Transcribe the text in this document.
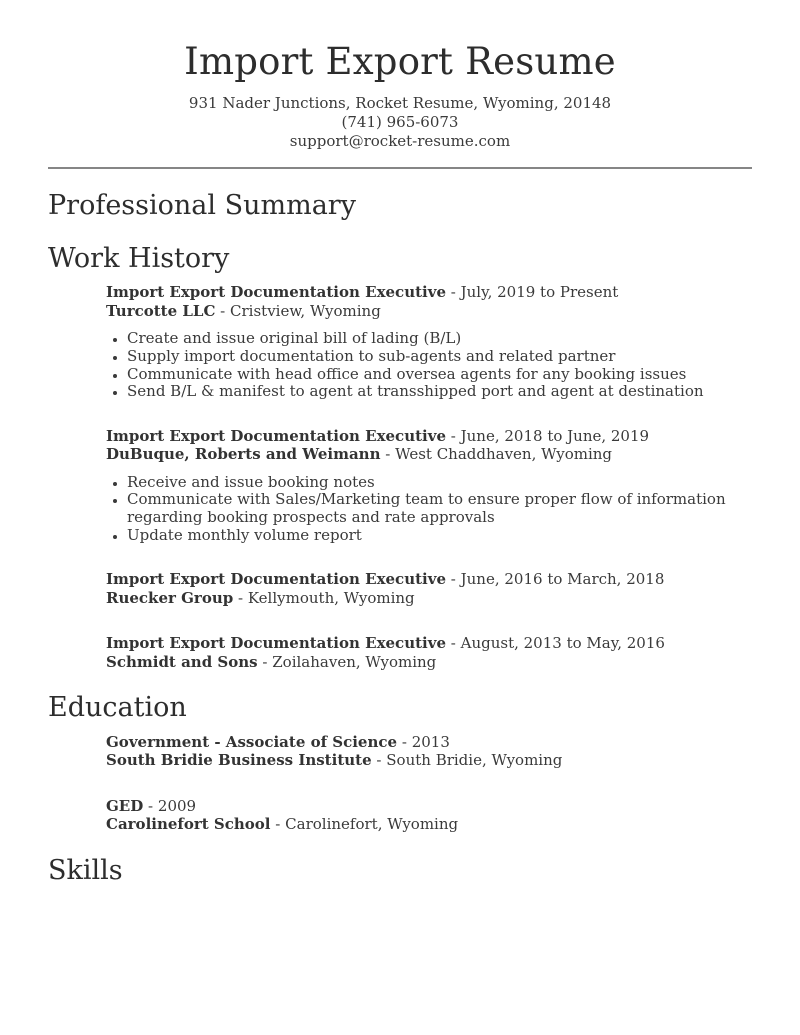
Import Export Resume
931 Nader Junctions, Rocket Resume, Wyoming, 20148
(741) 965-6073
support@rocket-resume.com
Professional Summary
Work History
Import Export Documentation Executive - July, 2019 to Present
Turcotte LLC - Cristview, Wyoming
• Create and issue original bill of lading (B/L)
• Supply import documentation to sub-agents and related partner
• Communicate with head office and oversea agents for any booking issues
• Send B/L & manifest to agent at transshipped port and agent at destination
Import Export Documentation Executive - June, 2018 to June, 2019
DuBuque, Roberts and Weimann - West Chaddhaven, Wyoming
• Receive and issue booking notes
• Communicate with Sales/Marketing team to ensure proper flow of information regarding booking prospects and rate approvals
• Update monthly volume report
Import Export Documentation Executive - June, 2016 to March, 2018
Ruecker Group - Kellymouth, Wyoming
Import Export Documentation Executive - August, 2013 to May, 2016
Schmidt and Sons - Zoilahaven, Wyoming
Education
Government - Associate of Science - 2013
South Bridie Business Institute - South Bridie, Wyoming
GED - 2009
Carolinefort School - Carolinefort, Wyoming
Skills
